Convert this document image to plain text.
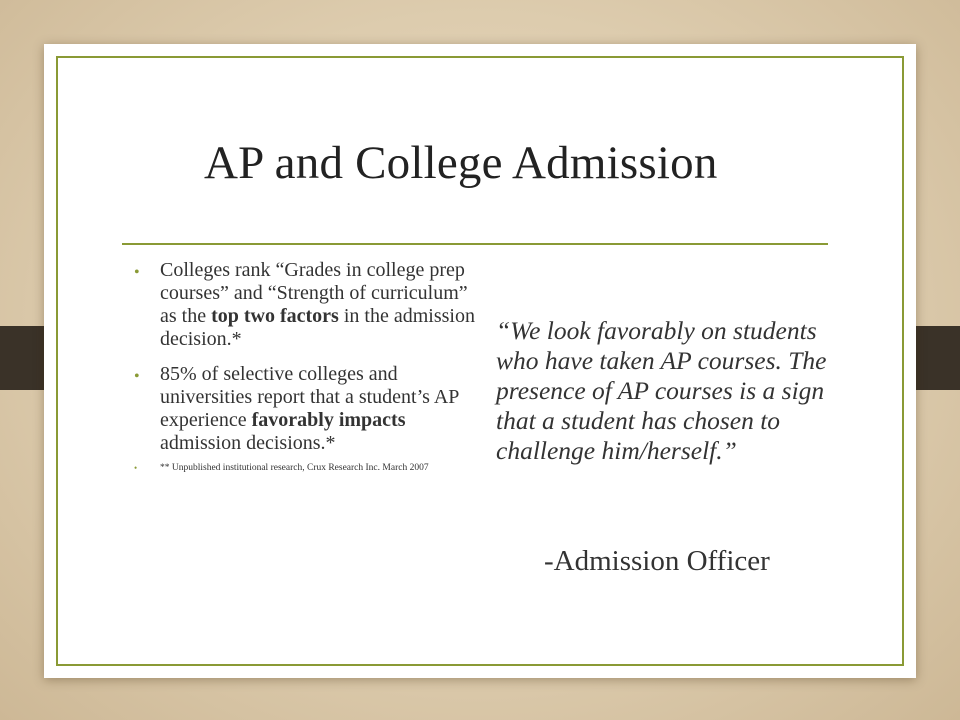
AP and College Admission
• Colleges rank “Grades in college prep courses” and “Strength of curriculum” as the top two factors in the admission decision.*
• 85% of selective colleges and universities report that a student’s AP experience favorably impacts admission decisions.*
• ** Unpublished institutional research, Crux Research Inc. March 2007
“We look favorably on students who have taken AP courses. The presence of AP courses is a sign that a student has chosen to challenge him/herself.”
-Admission Officer
